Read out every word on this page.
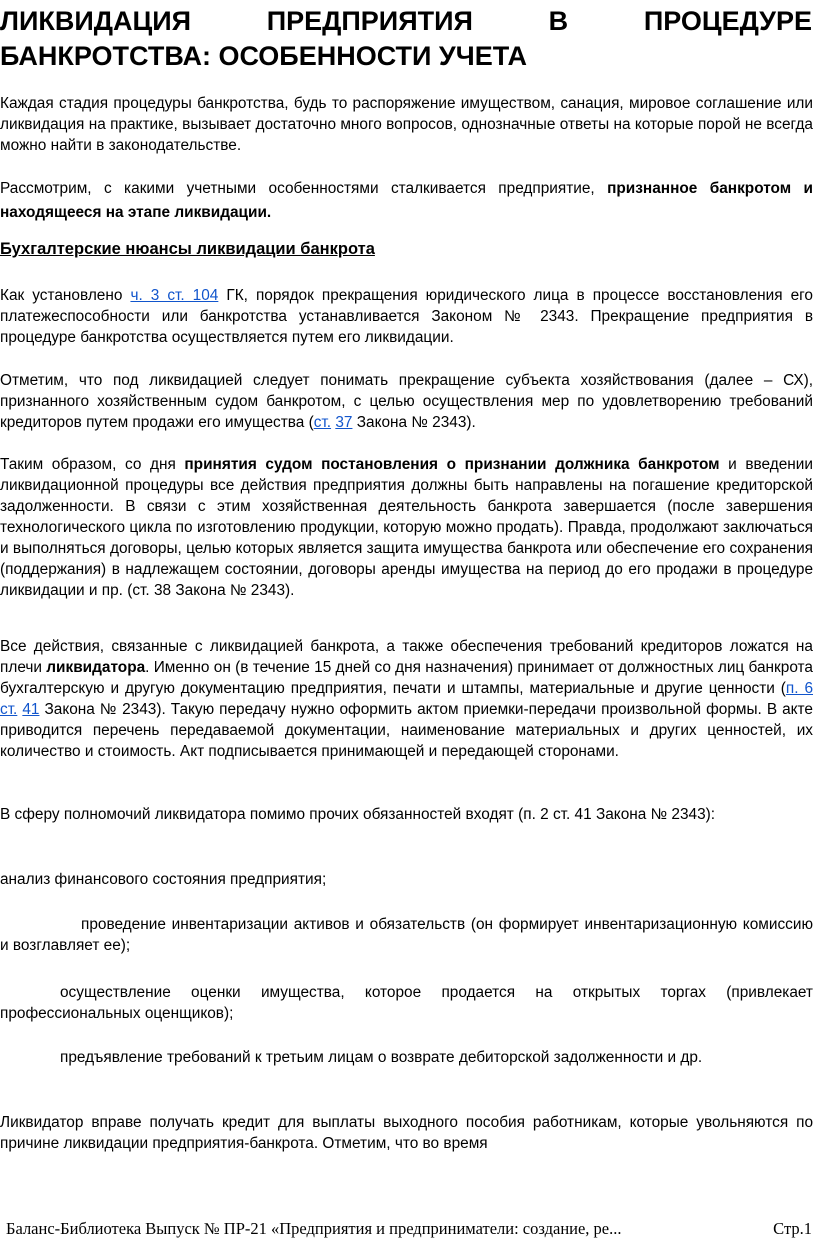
ЛИКВИДАЦИЯ	ПРЕДПРИЯТИЯ	В	ПРОЦЕДУРЕ
БАНКРОТСТВА: ОСОБЕННОСТИ УЧЕТА

Каждая стадия процедуры банкротства, будь то распоряжение имуществом, санация, мировое соглашение или ликвидация на практике, вызывает достаточно много вопросов, однозначные ответы на которые порой не всегда можно найти в законодательстве.

Рассмотрим, с какими учетными особенностями сталкивается предприятие, признанное банкротом и находящееся на этапе ликвидации.

Бухгалтерские нюансы ликвидации банкрота

Как установлено ч. 3 ст. 104 ГК, порядок прекращения юридического лица в процессе восстановления его платежеспособности или банкротства устанавливается Законом № 2343. Прекращение предприятия в процедуре банкротства осуществляется путем его ликвидации.

Отметим, что под ликвидацией следует понимать прекращение субъекта хозяйствования (далее – СХ), признанного хозяйственным судом банкротом, с целью осуществления мер по удовлетворению требований кредиторов путем продажи его имущества (ст. 37 Закона № 2343).

Таким образом, со дня принятия судом постановления о признании должника банкротом и введении ликвидационной процедуры все действия предприятия должны быть направлены на погашение кредиторской задолженности. В связи с этим хозяйственная деятельность банкрота завершается (после завершения технологического цикла по изготовлению продукции, которую можно продать). Правда, продолжают заключаться и выполняться договоры, целью которых является защита имущества банкрота или обеспечение его сохранения (поддержания) в надлежащем состоянии, договоры аренды имущества на период до его продажи в процедуре ликвидации и пр. (ст. 38 Закона № 2343).

Все действия, связанные с ликвидацией банкрота, а также обеспечения требований кредиторов ложатся на плечи ликвидатора. Именно он (в течение 15 дней со дня назначения) принимает от должностных лиц банкрота бухгалтерскую и другую документацию предприятия, печати и штампы, материальные и другие ценности (п. 6 ст. 41 Закона № 2343). Такую передачу нужно оформить актом приемки-передачи произвольной формы. В акте приводится перечень передаваемой документации, наименование материальных и других ценностей, их количество и стоимость. Акт подписывается принимающей и передающей сторонами.

В сферу полномочий ликвидатора помимо прочих обязанностей входят (п. 2 ст. 41 Закона № 2343):

анализ финансового состояния предприятия;

проведение инвентаризации активов и обязательств (он формирует инвентаризационную комиссию и возглавляет ее);

осуществление оценки имущества, которое продается на открытых торгах (привлекает профессиональных оценщиков);

предъявление требований к третьим лицам о возврате дебиторской задолженности и др.

Ликвидатор вправе получать кредит для выплаты выходного пособия работникам, которые увольняются по причине ликвидации предприятия-банкрота. Отметим, что во время

Баланс-Библиотека Выпуск № ПР-21 «Предприятия и предприниматели: создание, ре...	Стр.1
